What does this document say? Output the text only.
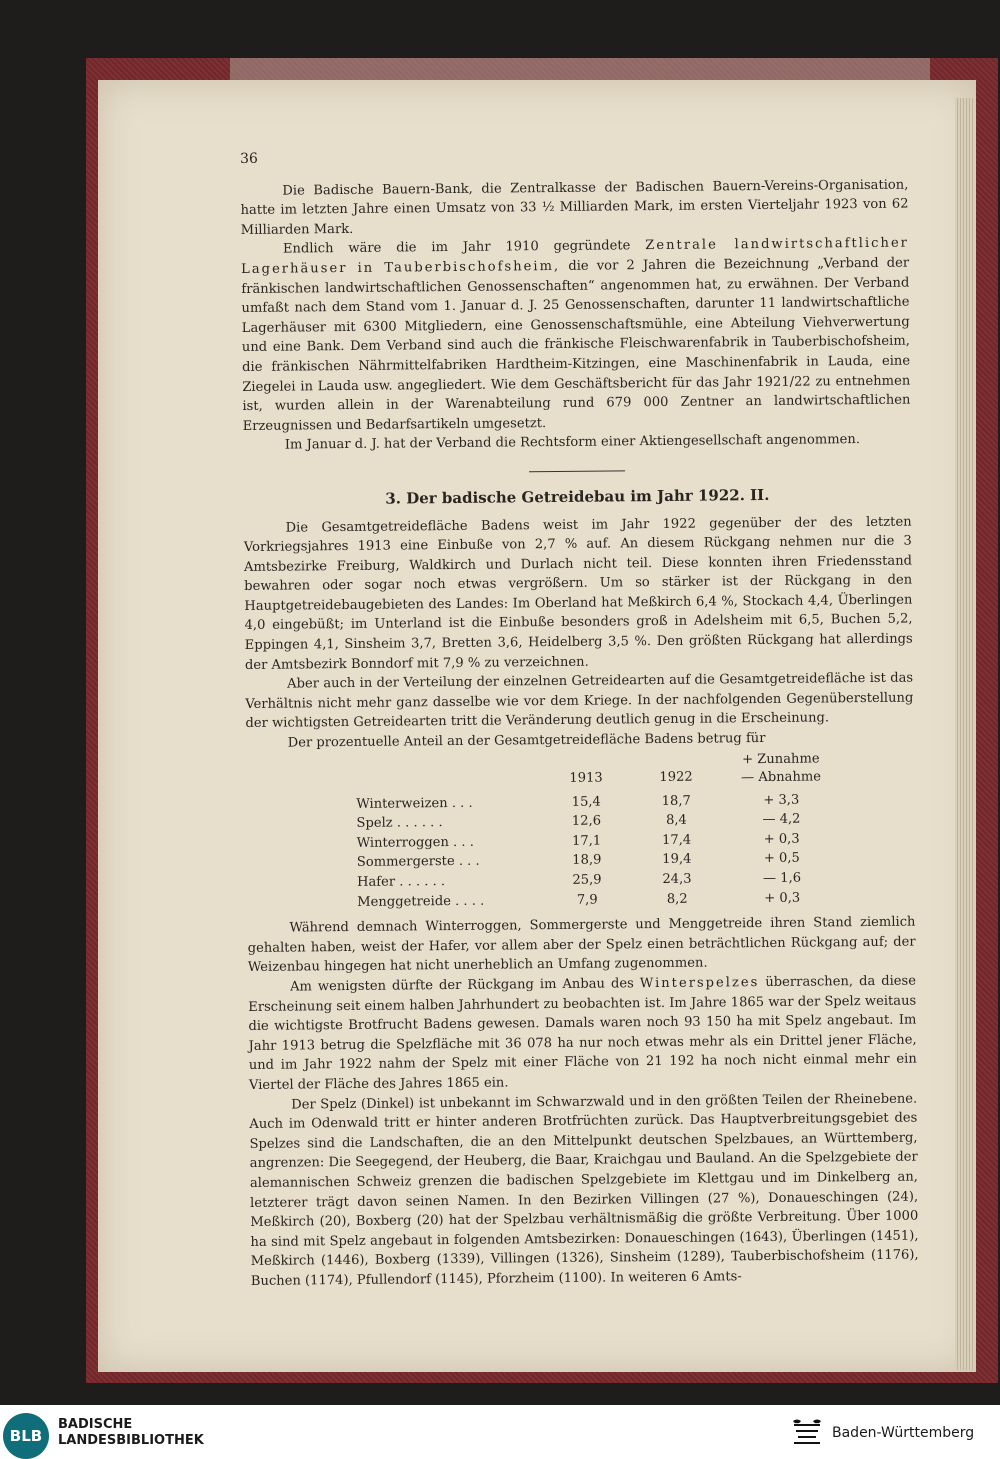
36

Die Badische Bauern-Bank, die Zentralkasse der Badischen Bauern-Vereins-Organisation, hatte im letzten Jahre einen Umsatz von 33 ½ Milliarden Mark, im ersten Vierteljahr 1923 von 62 Milliarden Mark.

Endlich wäre die im Jahr 1910 gegründete Zentrale landwirtschaftlicher Lagerhäuser in Tauberbischofsheim, die vor 2 Jahren die Bezeichnung „Verband der fränkischen landwirtschaftlichen Genossenschaften“ angenommen hat, zu erwähnen. Der Verband umfaßt nach dem Stand vom 1. Januar d. J. 25 Genossenschaften, darunter 11 landwirtschaftliche Lagerhäuser mit 6300 Mitgliedern, eine Genossenschaftsmühle, eine Abteilung Viehverwertung und eine Bank. Dem Verband sind auch die fränkische Fleischwarenfabrik in Tauberbischofsheim, die fränkischen Nährmittelfabriken Hardtheim-Kitzingen, eine Maschinenfabrik in Lauda, eine Ziegelei in Lauda usw. angegliedert. Wie dem Geschäftsbericht für das Jahr 1921/22 zu entnehmen ist, wurden allein in der Warenabteilung rund 679 000 Zentner an landwirtschaftlichen Erzeugnissen und Bedarfsartikeln umgesetzt.

Im Januar d. J. hat der Verband die Rechtsform einer Aktiengesellschaft angenommen.

3. Der badische Getreidebau im Jahr 1922. II.

Die Gesamtgetreidefläche Badens weist im Jahr 1922 gegenüber der des letzten Vorkriegsjahres 1913 eine Einbuße von 2,7 % auf. An diesem Rückgang nehmen nur die 3 Amtsbezirke Freiburg, Waldkirch und Durlach nicht teil. Diese konnten ihren Friedensstand bewahren oder sogar noch etwas vergrößern. Um so stärker ist der Rückgang in den Hauptgetreidebaugebieten des Landes: Im Oberland hat Meßkirch 6,4 %, Stockach 4,4, Überlingen 4,0 eingebüßt; im Unterland ist die Einbuße besonders groß in Adelsheim mit 6,5, Buchen 5,2, Eppingen 4,1, Sinsheim 3,7, Bretten 3,6, Heidelberg 3,5 %. Den größten Rückgang hat allerdings der Amtsbezirk Bonndorf mit 7,9 % zu verzeichnen.

Aber auch in der Verteilung der einzelnen Getreidearten auf die Gesamtgetreidefläche ist das Verhältnis nicht mehr ganz dasselbe wie vor dem Kriege. In der nachfolgenden Gegenüberstellung der wichtigsten Getreidearten tritt die Veränderung deutlich genug in die Erscheinung.

Der prozentuelle Anteil an der Gesamtgetreidefläche Badens betrug für

	1913	1922	+ Zunahme
— Abnahme

Winterweizen . . .	15,4	18,7	+ 3,3
Spelz . . . . . .	12,6	8,4	— 4,2
Winterroggen . . .	17,1	17,4	+ 0,3
Sommergerste . . .	18,9	19,4	+ 0,5
Hafer . . . . . .	25,9	24,3	— 1,6
Menggetreide . . . .	7,9	8,2	+ 0,3

Während demnach Winterroggen, Sommergerste und Menggetreide ihren Stand ziemlich gehalten haben, weist der Hafer, vor allem aber der Spelz einen beträchtlichen Rückgang auf; der Weizenbau hingegen hat nicht unerheblich an Umfang zugenommen.

Am wenigsten dürfte der Rückgang im Anbau des Winterspelzes überraschen, da diese Erscheinung seit einem halben Jahrhundert zu beobachten ist. Im Jahre 1865 war der Spelz weitaus die wichtigste Brotfrucht Badens gewesen. Damals waren noch 93 150 ha mit Spelz angebaut. Im Jahr 1913 betrug die Spelzfläche mit 36 078 ha nur noch etwas mehr als ein Drittel jener Fläche, und im Jahr 1922 nahm der Spelz mit einer Fläche von 21 192 ha noch nicht einmal mehr ein Viertel der Fläche des Jahres 1865 ein.

Der Spelz (Dinkel) ist unbekannt im Schwarzwald und in den größten Teilen der Rheinebene. Auch im Odenwald tritt er hinter anderen Brotfrüchten zurück. Das Hauptverbreitungsgebiet des Spelzes sind die Landschaften, die an den Mittelpunkt deutschen Spelzbaues, an Württemberg, angrenzen: Die Seegegend, der Heuberg, die Baar, Kraichgau und Bauland. An die Spelzgebiete der alemannischen Schweiz grenzen die badischen Spelzgebiete im Klettgau und im Dinkelberg an, letzterer trägt davon seinen Namen. In den Bezirken Villingen (27 %), Donaueschingen (24), Meßkirch (20), Boxberg (20) hat der Spelzbau verhältnismäßig die größte Verbreitung. Über 1000 ha sind mit Spelz angebaut in folgenden Amtsbezirken: Donaueschingen (1643), Überlingen (1451), Meßkirch (1446), Boxberg (1339), Villingen (1326), Sinsheim (1289), Tauberbischofsheim (1176), Buchen (1174), Pfullendorf (1145), Pforzheim (1100). In weiteren 6 Amts-

BLB
BADISCHE
LANDESBIBLIOTHEK	Baden-Württemberg
